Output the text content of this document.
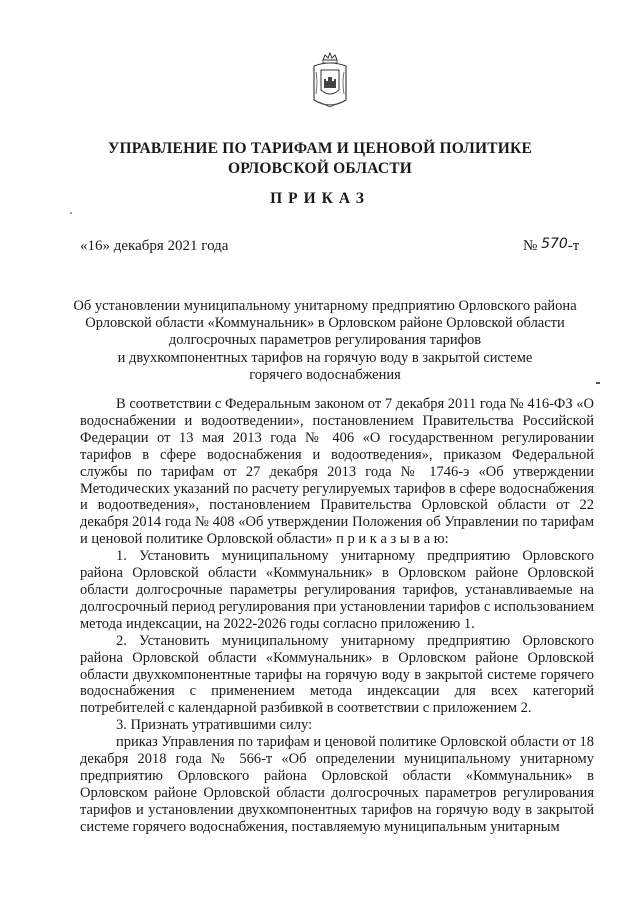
УПРАВЛЕНИЕ ПО ТАРИФАМ И ЦЕНОВОЙ ПОЛИТИКЕ
ОРЛОВСКОЙ ОБЛАСТИ
ПРИКАЗ
«16» декабря 2021 года	№ 570-т
Об установлении муниципальному унитарному предприятию Орловского района
Орловской области «Коммунальник» в Орловском районе Орловской области
долгосрочных параметров регулирования тарифов
и двухкомпонентных тарифов на горячую воду в закрытой системе
горячего водоснабжения

В соответствии с Федеральным законом от 7 декабря 2011 года № 416-ФЗ «О водоснабжении и водоотведении», постановлением Правительства Российской Федерации от 13 мая 2013 года № 406 «О государственном регулировании тарифов в сфере водоснабжения и водоотведения», приказом Федеральной службы по тарифам от 27 декабря 2013 года № 1746-э «Об утверждении Методических указаний по расчету регулируемых тарифов в сфере водоснабжения и водоотведения», постановлением Правительства Орловской области от 22 декабря 2014 года № 408 «Об утверждении Положения об Управлении по тарифам и ценовой политике Орловской области» п р и к а з ы в а ю:

1. Установить муниципальному унитарному предприятию Орловского района Орловской области «Коммунальник» в Орловском районе Орловской области долгосрочные параметры регулирования тарифов, устанавливаемые на долгосрочный период регулирования при установлении тарифов с использованием метода индексации, на 2022-2026 годы согласно приложению 1.

2. Установить муниципальному унитарному предприятию Орловского района Орловской области «Коммунальник» в Орловском районе Орловской области двухкомпонентные тарифы на горячую воду в закрытой системе горячего водоснабжения с применением метода индексации для всех категорий потребителей с календарной разбивкой в соответствии с приложением 2.

3. Признать утратившими силу:

приказ Управления по тарифам и ценовой политике Орловской области от 18 декабря 2018 года № 566-т «Об определении муниципальному унитарному предприятию Орловского района Орловской области «Коммунальник» в Орловском районе Орловской области долгосрочных параметров регулирования тарифов и установлении двухкомпонентных тарифов на горячую воду в закрытой системе горячего водоснабжения, поставляемую муниципальным унитарным
